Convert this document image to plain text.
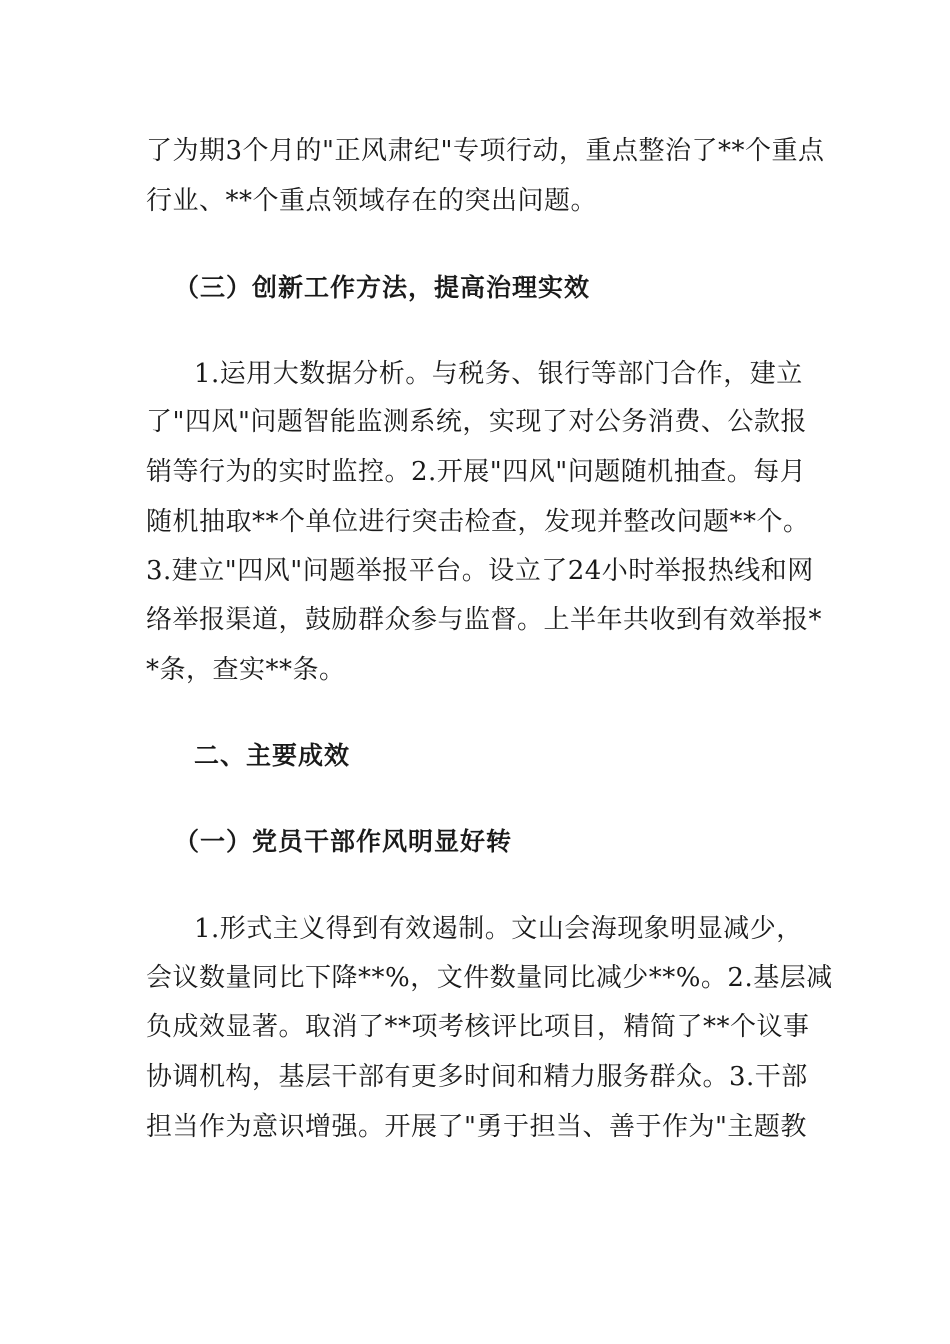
了为期3个月的"正风肃纪"专项行动，重点整治了**个重点
行业、**个重点领域存在的突出问题。
（三）创新工作方法，提高治理实效
1.运用大数据分析。与税务、银行等部门合作，建立
了"四风"问题智能监测系统，实现了对公务消费、公款报
销等行为的实时监控。2.开展"四风"问题随机抽查。每月
随机抽取**个单位进行突击检查，发现并整改问题**个。
3.建立"四风"问题举报平台。设立了24小时举报热线和网
络举报渠道，鼓励群众参与监督。上半年共收到有效举报*
*条，查实**条。
二、主要成效
（一）党员干部作风明显好转
1.形式主义得到有效遏制。文山会海现象明显减少，
会议数量同比下降**%，文件数量同比减少**%。2.基层减
负成效显著。取消了**项考核评比项目，精简了**个议事
协调机构，基层干部有更多时间和精力服务群众。3.干部
担当作为意识增强。开展了"勇于担当、善于作为"主题教
